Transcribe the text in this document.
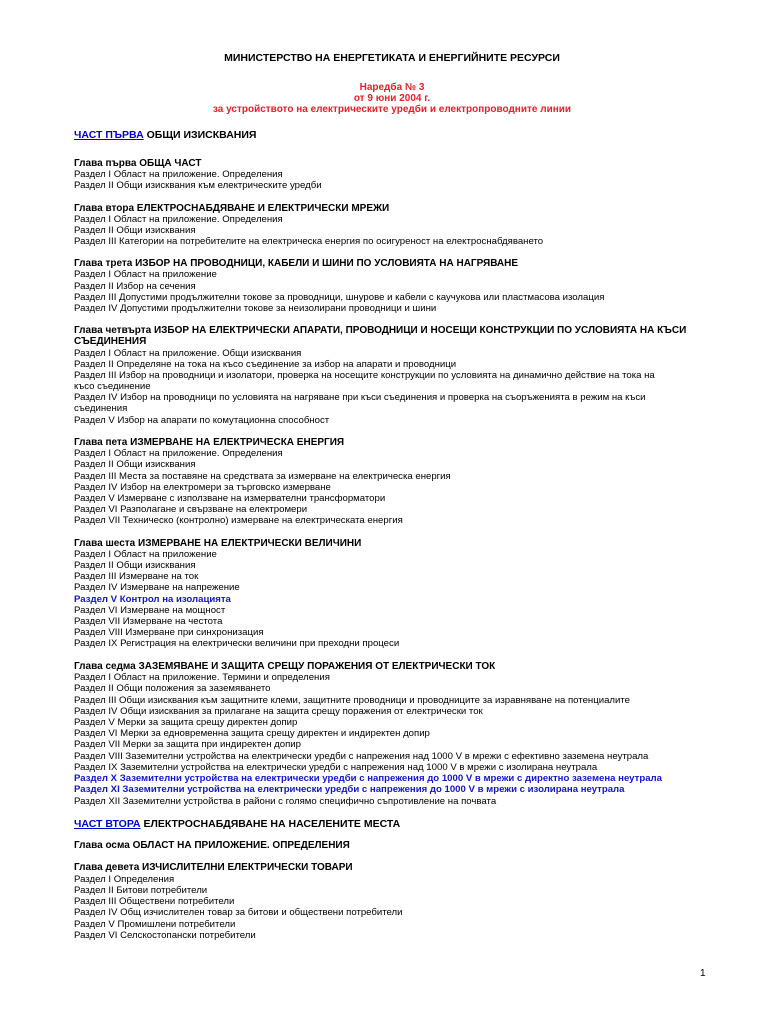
МИНИСТЕРСТВО НА ЕНЕРГЕТИКАТА И ЕНЕРГИЙНИТЕ РЕСУРСИ
Наредба № 3
от 9 юни 2004 г.
за устройството на електрическите уредби и електропроводните линии
ЧАСТ ПЪРВА ОБЩИ ИЗИСКВАНИЯ
Глава първа ОБЩА ЧАСТ
Раздел I Област на приложение. Определения
Раздел II Общи изисквания към електрическите уредби
Глава втора ЕЛЕКТРОСНАБДЯВАНЕ И ЕЛЕКТРИЧЕСКИ МРЕЖИ
Раздел I Област на приложение. Определения
Раздел II Общи изисквания
Раздел III Категории на потребителите на електрическа енергия по осигуреност на електроснабдяването
Глава трета ИЗБОР НА ПРОВОДНИЦИ, КАБЕЛИ И ШИНИ ПО УСЛОВИЯТА НА НАГРЯВАНЕ
Раздел I Област на приложение
Раздел II Избор на сечения
Раздел III Допустими продължителни токове за проводници, шнурове и кабели с каучукова или пластмасова изолация
Раздел IV Допустими продължителни токове за неизолирани проводници и шини
Глава четвърта ИЗБОР НА ЕЛЕКТРИЧЕСКИ АПАРАТИ, ПРОВОДНИЦИ И НОСЕЩИ КОНСТРУКЦИИ ПО УСЛОВИЯТА НА КЪСИ
СЪЕДИНЕНИЯ
Раздел I Област на приложение. Общи изисквания
Раздел II Определяне на тока на късо съединение за избор на апарати и проводници
Раздел III Избор на проводници и изолатори, проверка на носещите конструкции по условията на динамично действие на тока на
късо съединение
Раздел IV Избор на проводници по условията на нагряване при къси съединения и проверка на съоръженията в режим на къси
съединения
Раздел V Избор на апарати по комутационна способност
Глава пета ИЗМЕРВАНЕ НА ЕЛЕКТРИЧЕСКА ЕНЕРГИЯ
Раздел I Област на приложение. Определения
Раздел II Общи изисквания
Раздел III Места за поставяне на средствата за измерване на електрическа енергия
Раздел IV Избор на електромери за търговско измерване
Раздел V Измерване с използване на измервателни трансформатори
Раздел VI Разполагане и свързване на електромери
Раздел VII Техническо (контролно) измерване на електрическата енергия
Глава шеста ИЗМЕРВАНЕ НА ЕЛЕКТРИЧЕСКИ ВЕЛИЧИНИ
Раздел I Област на приложение
Раздел II Общи изисквания
Раздел III Измерване на ток
Раздел IV Измерване на напрежение
Раздел V Контрол на изолацията
Раздел VI Измерване на мощност
Раздел VII Измерване на честота
Раздел VIII Измерване при синхронизация
Раздел IX Регистрация на електрически величини при преходни процеси
Глава седма ЗАЗЕМЯВАНЕ И ЗАЩИТА СРЕЩУ ПОРАЖЕНИЯ ОТ ЕЛЕКТРИЧЕСКИ ТОК
Раздел I Област на приложение. Термини и определения
Раздел II Общи положения за заземяването
Раздел III Общи изисквания към защитните клеми, защитните проводници и проводниците за изравняване на потенциалите
Раздел IV Общи изисквания за прилагане на защита срещу поражения от електрически ток
Раздел V Мерки за защита срещу директен допир
Раздел VI Мерки за едновременна защита срещу директен и индиректен допир
Раздел VII Мерки за защита при индиректен допир
Раздел VIII Заземителни устройства на електрически уредби с напрежения над 1000 V в мрежи с ефективно заземена неутрала
Раздел IX Заземителни устройства на електрически уредби с напрежения над 1000 V в мрежи с изолирана неутрала
Раздел X Заземителни устройства на електрически уредби с напрежения до 1000 V в мрежи с директно заземена неутрала
Раздел XI Заземителни устройства на електрически уредби с напрежения до 1000 V в мрежи с изолирана неутрала
Раздел XII Заземителни устройства в райони с голямо специфично съпротивление на почвата
ЧАСТ ВТОРА ЕЛЕКТРОСНАБДЯВАНЕ НА НАСЕЛЕНИТЕ МЕСТА
Глава осма ОБЛАСТ НА ПРИЛОЖЕНИЕ. ОПРЕДЕЛЕНИЯ
Глава девета ИЗЧИСЛИТЕЛНИ ЕЛЕКТРИЧЕСКИ ТОВАРИ
Раздел I Определения
Раздел II Битови потребители
Раздел III Обществени потребители
Раздел IV Общ изчислителен товар за битови и обществени потребители
Раздел V Промишлени потребители
Раздел VI Селскостопански потребители
1
